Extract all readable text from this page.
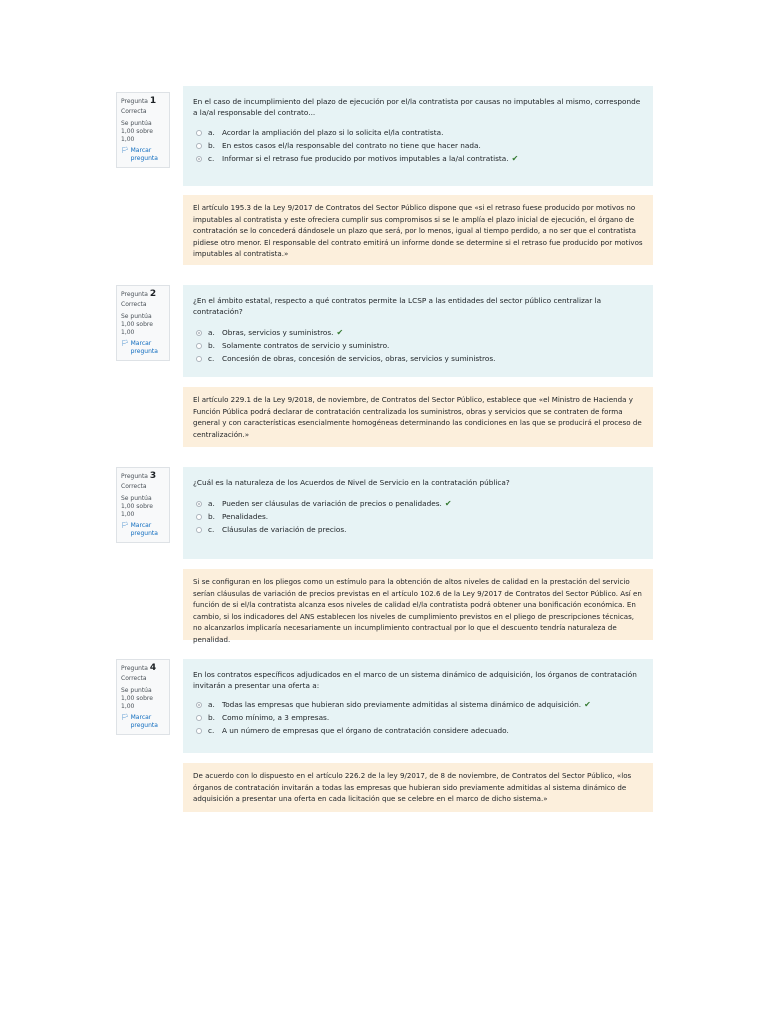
Pregunta 1
Correcta
Se puntúa 1,00 sobre 1,00
🏳 Marcar pregunta
En el caso de incumplimiento del plazo de ejecución por el/la contratista por causas no imputables al mismo, corresponde a la/al responsable del contrato...
a. Acordar la ampliación del plazo si lo solicita el/la contratista.
b. En estos casos el/la responsable del contrato no tiene que hacer nada.
c.	Informar si el retraso fue producido por motivos imputables a la/al contratista. ✔
El artículo 195.3 de la Ley 9/2017 de Contratos del Sector Público dispone que «si el retraso fuese producido por motivos no imputables al contratista y este ofreciera cumplir sus compromisos si se le amplía el plazo inicial de ejecución, el órgano de contratación se lo concederá dándosele un plazo que será, por lo menos, igual al tiempo perdido, a no ser que el contratista pidiese otro menor. El responsable del contrato emitirá un informe donde se determine si el retraso fue producido por motivos imputables al contratista.»
Pregunta 2
Correcta
Se puntúa 1,00 sobre 1,00
🏳 Marcar pregunta
¿En el ámbito estatal, respecto a qué contratos permite la LCSP a las entidades del sector público centralizar la contratación?
a. Obras, servicios y suministros. ✔
b. Solamente contratos de servicio y suministro.
c.	Concesión de obras, concesión de servicios, obras, servicios y suministros.
El artículo 229.1 de la Ley 9/2018, de noviembre, de Contratos del Sector Público, establece que «el Ministro de Hacienda y Función Pública podrá declarar de contratación centralizada los suministros, obras y servicios que se contraten de forma general y con características esencialmente homogéneas determinando las condiciones en las que se producirá el proceso de centralización.»
Pregunta 3
Correcta
Se puntúa 1,00 sobre 1,00
🏳 Marcar pregunta
¿Cuál es la naturaleza de los Acuerdos de Nivel de Servicio en la contratación pública?
a. Pueden ser cláusulas de variación de precios o penalidades. ✔
b. Penalidades.
c.	Cláusulas de variación de precios.
Si se configuran en los pliegos como un estímulo para la obtención de altos niveles de calidad en la prestación del servicio serían cláusulas de variación de precios previstas en el artículo 102.6 de la Ley 9/2017 de Contratos del Sector Público. Así en función de si el/la contratista alcanza esos niveles de calidad el/la contratista podrá obtener una bonificación económica. En cambio, si los indicadores del ANS establecen los niveles de cumplimiento previstos en el pliego de prescripciones técnicas, no alcanzarlos implicaría necesariamente un incumplimiento contractual por lo que el descuento tendría naturaleza de penalidad.
Pregunta 4
Correcta
Se puntúa 1,00 sobre 1,00
🏳 Marcar pregunta
En los contratos específicos adjudicados en el marco de un sistema dinámico de adquisición, los órganos de contratación invitarán a presentar una oferta a:
a. Todas las empresas que hubieran sido previamente admitidas al sistema dinámico de adquisición. ✔
b. Como mínimo, a 3 empresas.
c.	A un número de empresas que el órgano de contratación considere adecuado.
De acuerdo con lo dispuesto en el artículo 226.2 de la ley 9/2017, de 8 de noviembre, de Contratos del Sector Público, «los órganos de contratación invitarán a todas las empresas que hubieran sido previamente admitidas al sistema dinámico de adquisición a presentar una oferta en cada licitación que se celebre en el marco de dicho sistema.»
